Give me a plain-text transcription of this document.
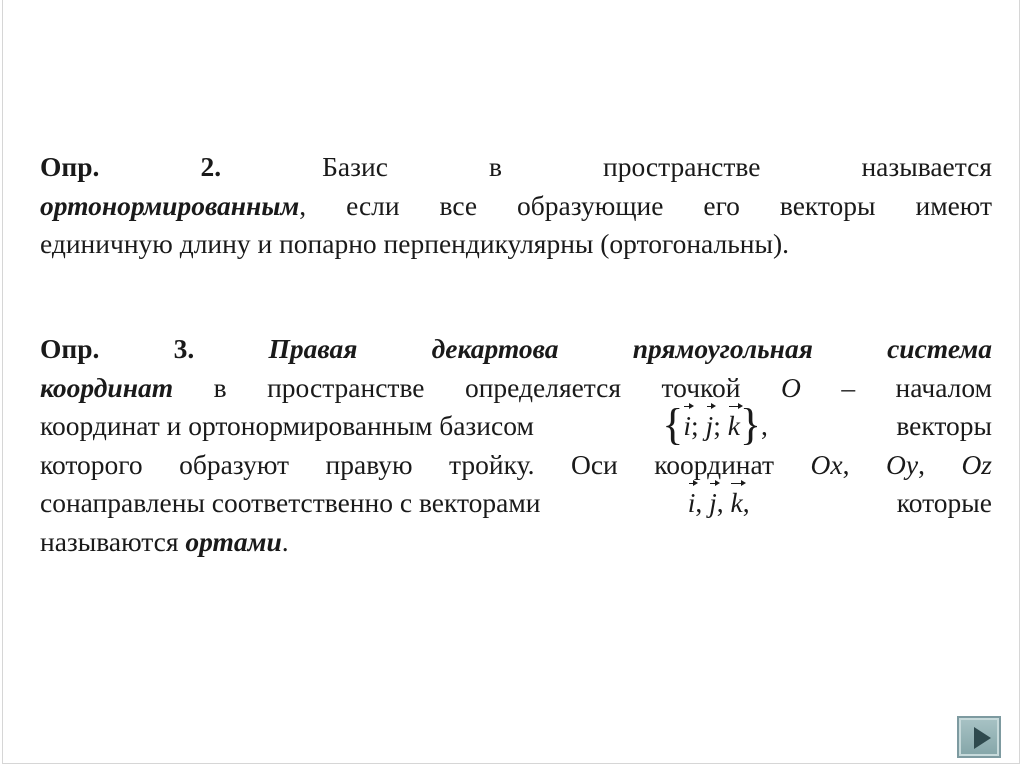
Опр.	2.	Базис	в	пространстве	называется
ортонормированным, если все образующие его векторы имеют
единичную длину и попарно перпендикулярны (ортогональны).
Опр.	3.	Правая	декартова	прямоугольная	система
координат в пространстве определяется точкой O – началом
координат и ортонормированным базисом	{i; j; k},	векторы
которого образуют правую тройку. Оси координат Ox, Oy, Oz
сонаправлены соответственно с векторами	i, j, k,	которые
называются ортами.
